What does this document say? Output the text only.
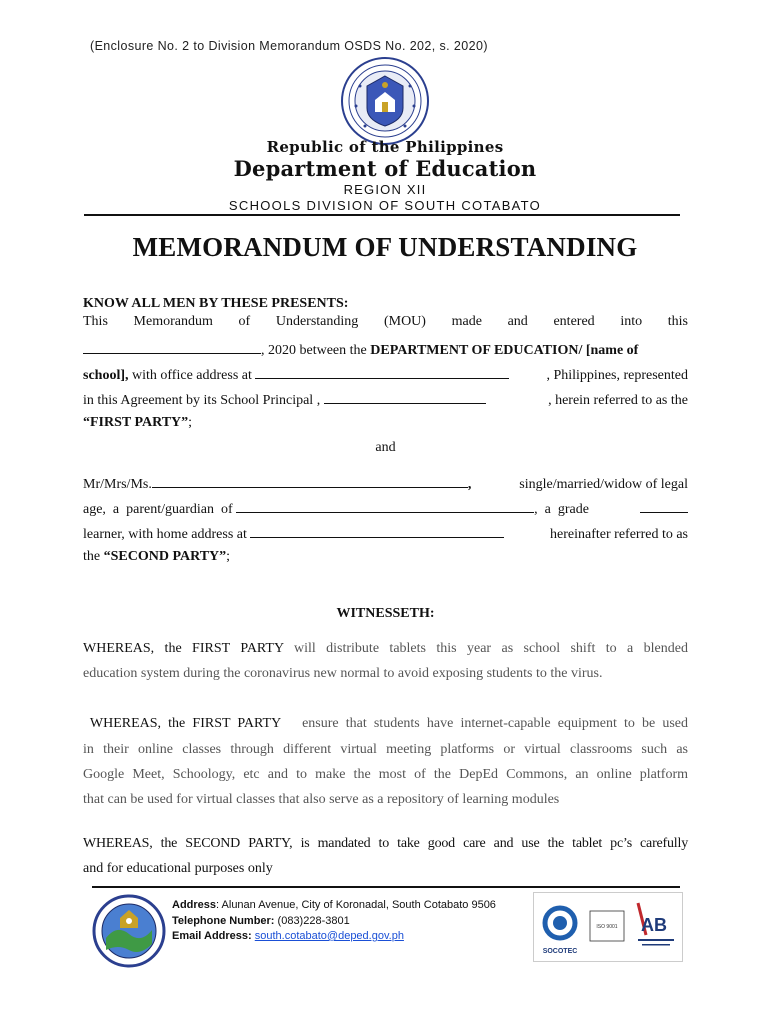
(Enclosure No. 2 to Division Memorandum OSDS No. 202, s. 2020)
Republic of the Philippines
Department of Education
REGION XII
SCHOOLS DIVISION OF SOUTH COTABATO
MEMORANDUM OF UNDERSTANDING
KNOW ALL MEN BY THESE PRESENTS:
This Memorandum of Understanding (MOU) made and entered into this
, 2020 between the DEPARTMENT OF EDUCATION/ [name of
school], with office address at	, Philippines, represented
in this Agreement by its School Principal ,	, herein referred to as the
“FIRST PARTY”;
and
Mr/Mrs/Ms.	,	single/married/widow of legal
age,  a  parent/guardian  of	,  a  grade
learner, with home address at	hereinafter referred to as
the “SECOND PARTY”;
WITNESSETH:
WHEREAS, the FIRST PARTY will distribute tablets this year as school shift to a blended
education system during the coronavirus new normal to avoid exposing students to the virus.
WHEREAS, the FIRST PARTY   ensure that students have internet-capable equipment to be used
in their online classes through different virtual meeting platforms or virtual classrooms such as
Google Meet, Schoology, etc and to make the most of the DepEd Commons, an online platform
that can be used for virtual classes that also serve as a repository of learning modules
WHEREAS, the SECOND PARTY, is mandated to take good care and use the tablet pc’s carefully
and for educational purposes only
Address: Alunan Avenue, City of Koronadal, South Cotabato 9506
Telephone Number: (083)228-3801
Email Address: south.cotabato@deped.gov.ph
SOCOTEC
ISO 9001 AB
